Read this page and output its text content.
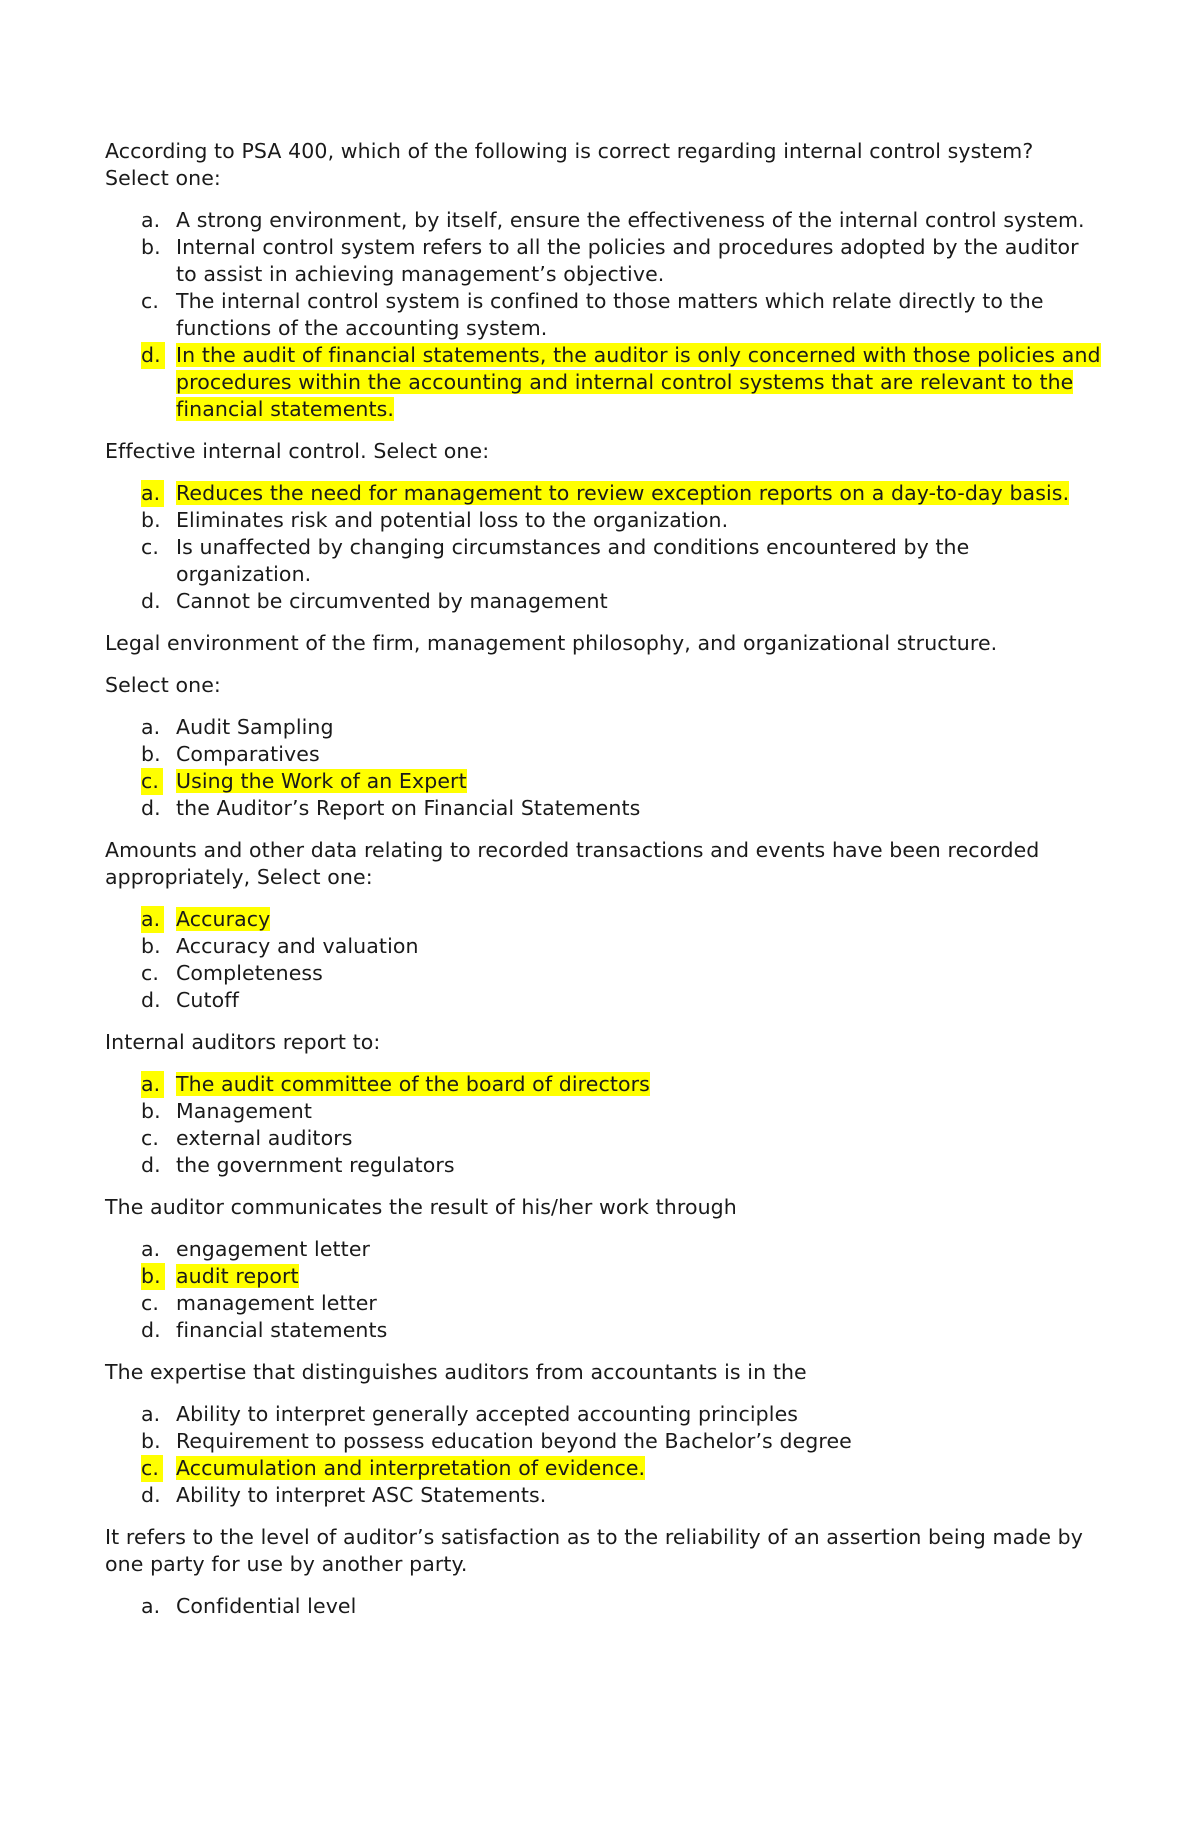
According to PSA 400, which of the following is correct regarding internal control system?

Select one:

a. A strong environment, by itself, ensure the effectiveness of the internal control system.
b. Internal control system refers to all the policies and procedures adopted by the auditor to assist in achieving management’s objective.
c. The internal control system is confined to those matters which relate directly to the functions of the accounting system.
d. In the audit of financial statements, the auditor is only concerned with those policies and procedures within the accounting and internal control systems that are relevant to the financial statements.

Effective internal control. Select one:

a. Reduces the need for management to review exception reports on a day-to-day basis.
b. Eliminates risk and potential loss to the organization.
c. Is unaffected by changing circumstances and conditions encountered by the organization.
d. Cannot be circumvented by management

Legal environment of the firm, management philosophy, and organizational structure.

Select one:

a. Audit Sampling
b. Comparatives
c. Using the Work of an Expert
d. the Auditor’s Report on Financial Statements

Amounts and other data relating to recorded transactions and events have been recorded appropriately, Select one:

a. Accuracy
b. Accuracy and valuation
c. Completeness
d. Cutoff

Internal auditors report to:

a. The audit committee of the board of directors
b. Management
c. external auditors
d. the government regulators

The auditor communicates the result of his/her work through

a. engagement letter
b. audit report
c. management letter
d. financial statements

The expertise that distinguishes auditors from accountants is in the

a. Ability to interpret generally accepted accounting principles
b. Requirement to possess education beyond the Bachelor’s degree
c. Accumulation and interpretation of evidence.
d. Ability to interpret ASC Statements.

It refers to the level of auditor’s satisfaction as to the reliability of an assertion being made by one party for use by another party.

a. Confidential level
